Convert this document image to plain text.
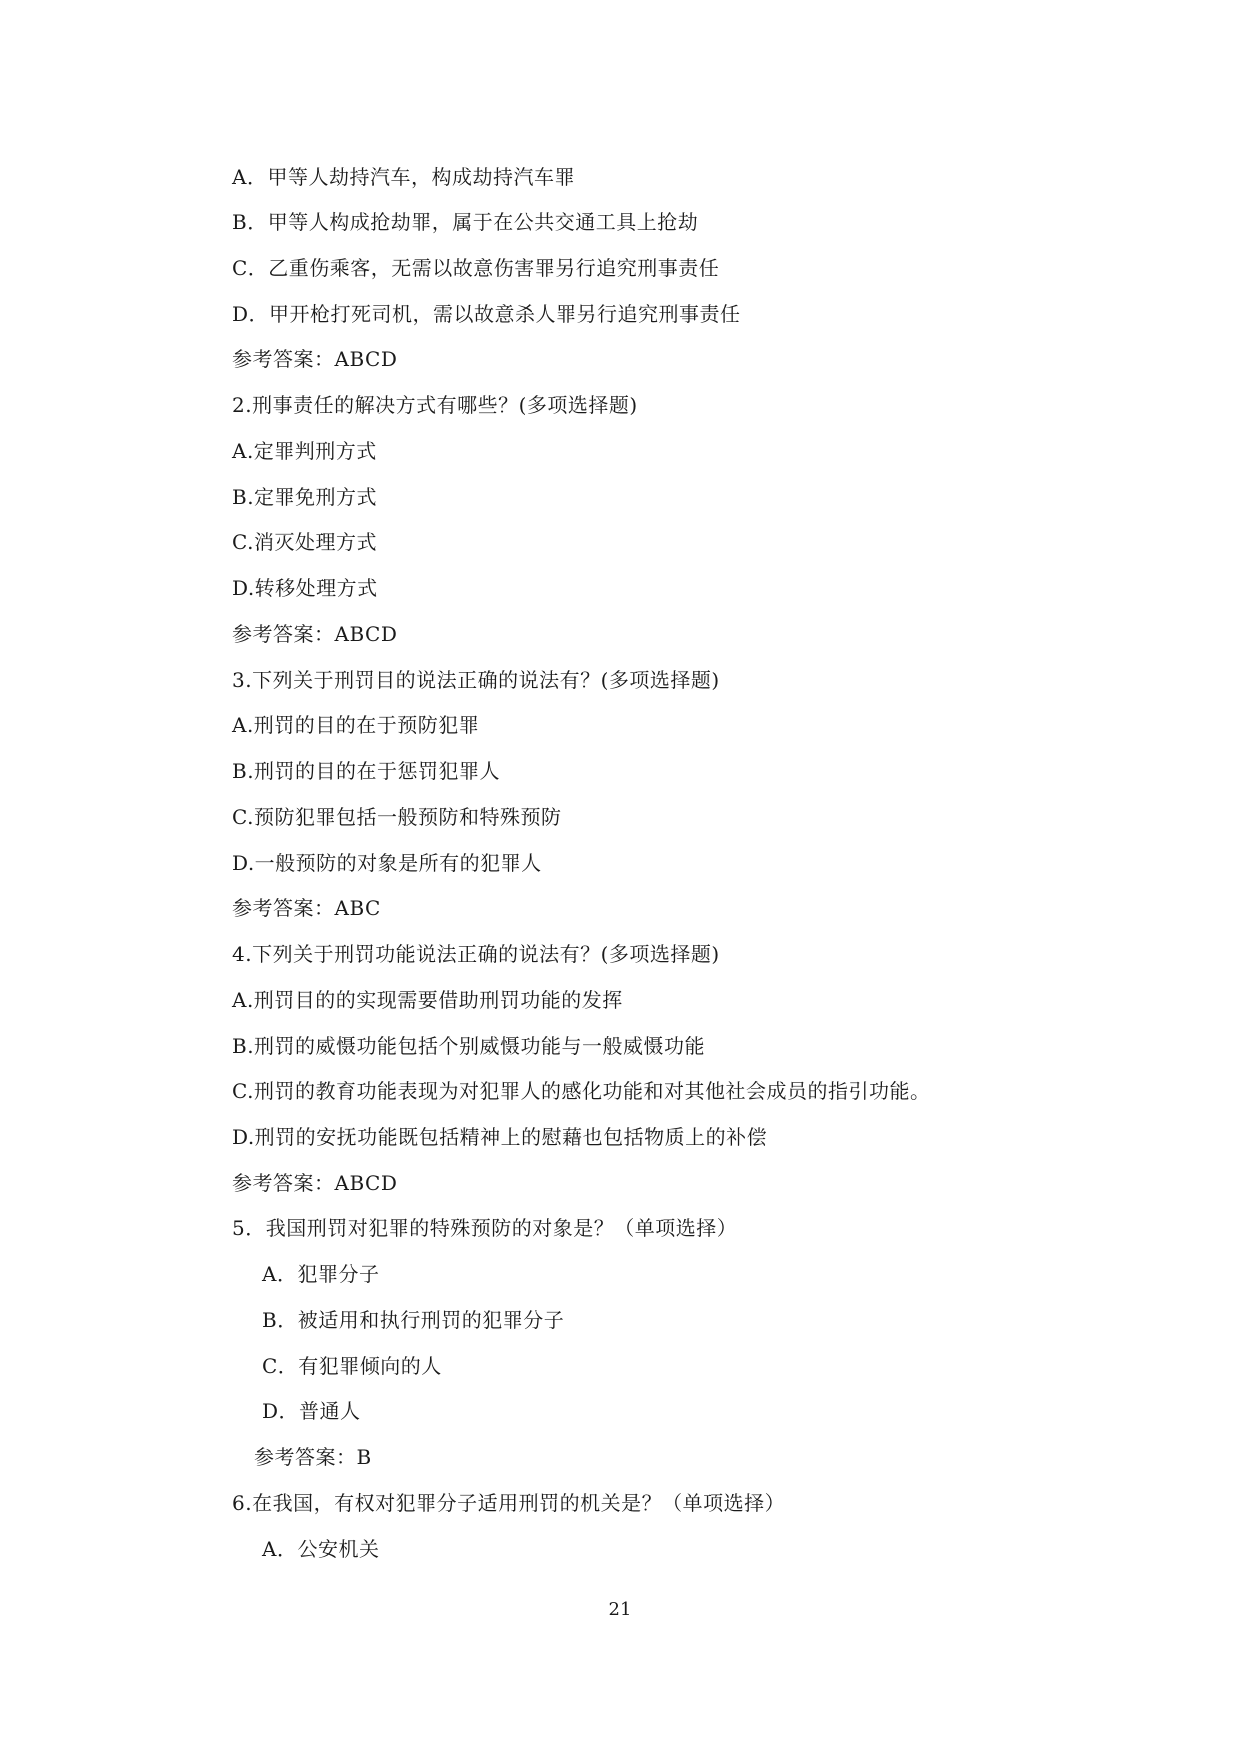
A．甲等人劫持汽车，构成劫持汽车罪
B．甲等人构成抢劫罪，属于在公共交通工具上抢劫
C．乙重伤乘客，无需以故意伤害罪另行追究刑事责任
D．甲开枪打死司机，需以故意杀人罪另行追究刑事责任
参考答案：ABCD
2.刑事责任的解决方式有哪些？(多项选择题)
A.定罪判刑方式
B.定罪免刑方式
C.消灭处理方式
D.转移处理方式
参考答案：ABCD
3.下列关于刑罚目的说法正确的说法有？(多项选择题)
A.刑罚的目的在于预防犯罪
B.刑罚的目的在于惩罚犯罪人
C.预防犯罪包括一般预防和特殊预防
D.一般预防的对象是所有的犯罪人
参考答案：ABC
4.下列关于刑罚功能说法正确的说法有？(多项选择题)
A.刑罚目的的实现需要借助刑罚功能的发挥
B.刑罚的威慑功能包括个别威慑功能与一般威慑功能
C.刑罚的教育功能表现为对犯罪人的感化功能和对其他社会成员的指引功能。
D.刑罚的安抚功能既包括精神上的慰藉也包括物质上的补偿
参考答案：ABCD
5．我国刑罚对犯罪的特殊预防的对象是？（单项选择）
A．犯罪分子
B．被适用和执行刑罚的犯罪分子
C．有犯罪倾向的人
D．普通人
参考答案：B
6.在我国，有权对犯罪分子适用刑罚的机关是？（单项选择）
A．公安机关
21
